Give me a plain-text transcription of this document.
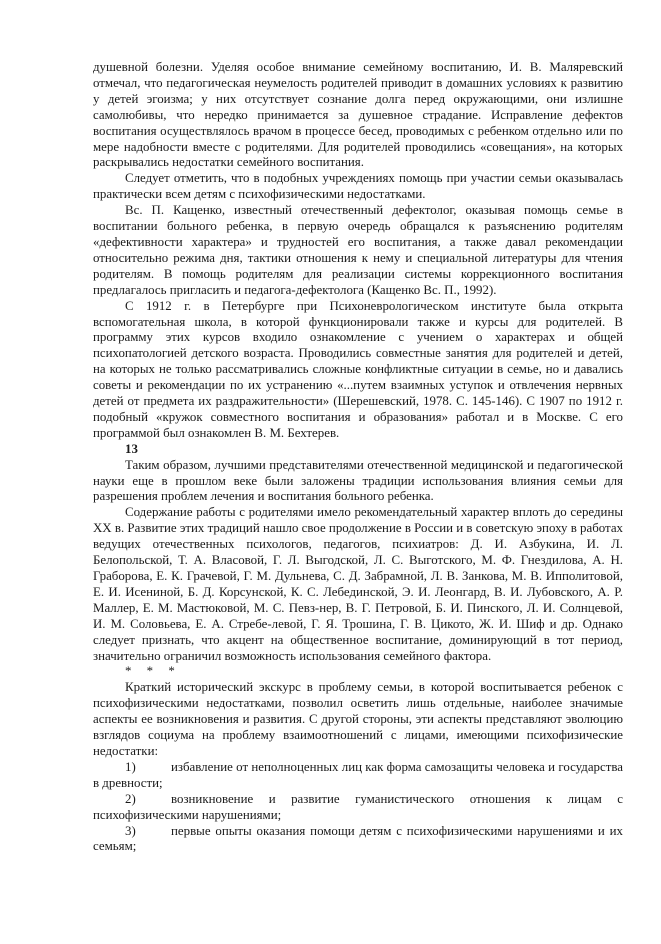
душевной болезни. Уделяя особое внимание семейному воспитанию, И. В. Маляревский отмечал, что педагогическая неумелость родителей приводит в домашних условиях к развитию у детей эгоизма; у них отсутствует сознание долга перед окружающими, они излишне самолюбивы, что нередко принимается за душевное страдание. Исправление дефектов воспитания осуществлялось врачом в процессе бесед, проводимых с ребенком отдельно или по мере надобности вместе с родителями. Для родителей проводились «совещания», на которых раскрывались недостатки семейного воспитания.

Следует отметить, что в подобных учреждениях помощь при участии семьи оказывалась практически всем детям с психофизическими недостатками.

Вс. П. Кащенко, известный отечественный дефектолог, оказывая помощь семье в воспитании больного ребенка, в первую очередь обращался к разъяснению родителям «дефективности характера» и трудностей его воспитания, а также давал рекомендации относительно режима дня, тактики отношения к нему и специальной литературы для чтения родителям. В помощь родителям для реализации системы коррекционного воспитания предлагалось пригласить и педагога-дефектолога (Кащенко Вс. П., 1992).

С 1912 г. в Петербурге при Психоневрологическом институте была открыта вспомогательная школа, в которой функционировали также и курсы для родителей. В программу этих курсов входило ознакомление с учением о характерах и общей психопатологией детского возраста. Проводились совместные занятия для родителей и детей, на которых не только рассматривались сложные конфликтные ситуации в семье, но и давались советы и рекомендации по их устранению «...путем взаимных уступок и отвлечения нервных детей от предмета их раздражительности» (Шерешевский, 1978. С. 145-146). С 1907 по 1912 г. подобный «кружок совместного воспитания и образования» работал и в Москве. С его программой был ознакомлен В. М. Бехтерев.

13

Таким образом, лучшими представителями отечественной медицинской и педагогической науки еще в прошлом веке были заложены традиции использования влияния семьи для разрешения проблем лечения и воспитания больного ребенка.

Содержание работы с родителями имело рекомендательный характер вплоть до середины XX в. Развитие этих традиций нашло свое продолжение в России и в советскую эпоху в работах ведущих отечественных психологов, педагогов, психиатров: Д. И. Азбукина, И. Л. Белопольской, Т. А. Власовой, Г. Л. Выгодской, Л. С. Выготского, М. Ф. Гнездилова, А. Н. Граборова, Е. К. Грачевой, Г. М. Дульнева, С. Д. Забрамной, Л. В. Занкова, М. В. Ипполитовой, Е. И. Исениной, Б. Д. Корсунской, К. С. Лебединской, Э. И. Леонгард, В. И. Лубовского, А. Р. Маллер, Е. М. Мастюковой, М. С. Певз-нер, В. Г. Петровой, Б. И. Пинского, Л. И. Солнцевой, И. М. Соловьева, Е. А. Стребе-левой, Г. Я. Трошина, Г. В. Цикото, Ж. И. Шиф и др. Однако следует признать, что акцент на общественное воспитание, доминирующий в тот период, значительно ограничил возможность использования семейного фактора.

* * *

Краткий исторический экскурс в проблему семьи, в которой воспитывается ребенок с психофизическими недостатками, позволил осветить лишь отдельные, наиболее значимые аспекты ее возникновения и развития. С другой стороны, эти аспекты представляют эволюцию взглядов социума на проблему взаимоотношений с лицами, имеющими психофизические недостатки:

1)	избавление от неполноценных лиц как форма самозащиты человека и государства в древности;

2)	возникновение и развитие гуманистического отношения к лицам с психофизическими нарушениями;

3)	первые опыты оказания помощи детям с психофизическими нарушениями и их семьям;
